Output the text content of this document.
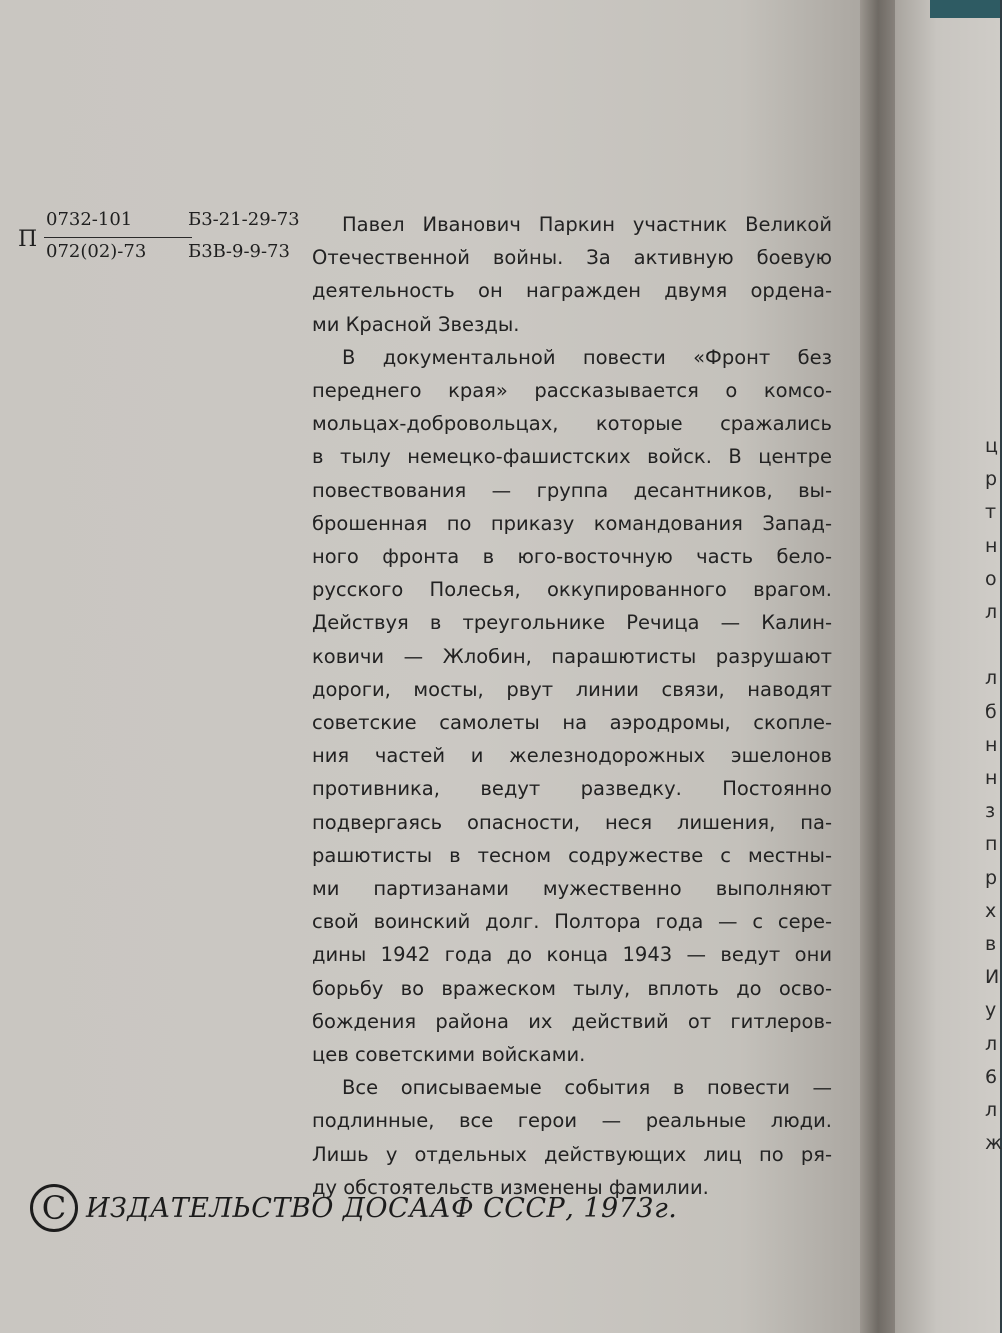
П
0732-101
072(02)-73
Б3-21-29-73
Б3В-9-9-73
Павел Иванович Паркин участник Великой
Отечественной войны. За активную боевую
деятельность он награжден двумя ордена-
ми Красной Звезды.
В документальной повести «Фронт без
переднего края» рассказывается о комсо-
мольцах-добровольцах, которые сражались
в тылу немецко-фашистских войск. В центре
повествования — группа десантников, вы-
брошенная по приказу командования Запад-
ного фронта в юго-восточную часть бело-
русского Полесья, оккупированного врагом.
Действуя в треугольнике Речица — Калин-
ковичи — Жлобин, парашютисты разрушают
дороги, мосты, рвут линии связи, наводят
советские самолеты на аэродромы, скопле-
ния частей и железнодорожных эшелонов
противника, ведут разведку. Постоянно
подвергаясь опасности, неся лишения, па-
рашютисты в тесном содружестве с местны-
ми партизанами мужественно выполняют
свой воинский долг. Полтора года — с сере-
дины 1942 года до конца 1943 — ведут они
борьбу во вражеском тылу, вплоть до осво-
бождения района их действий от гитлеров-
цев советскими войсками.
Все описываемые события в повести —
подлинные, все герои — реальные люди.
Лишь у отдельных действующих лиц по ря-
ду обстоятельств изменены фамилии.
C ИЗДАТЕЛЬСТВО ДОСААФ СССР, 1973г.
ц
р
т
н
о
л

л
б
н
н
з
п
р
х
в
И
у
л
6
л
ж
